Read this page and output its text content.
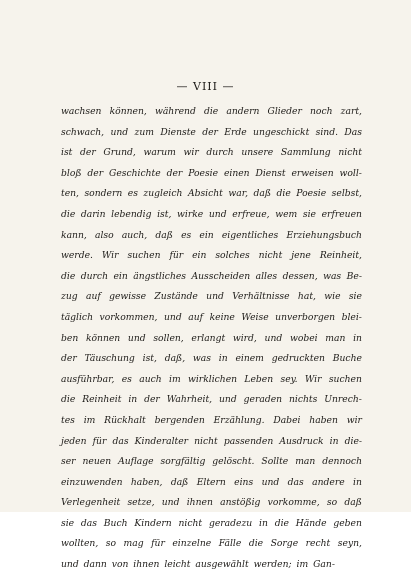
— VIII —
wachsen können, während die andern Glieder noch zart,
schwach, und zum Dienste der Erde ungeschickt sind. Das
ist der Grund, warum wir durch unsere Sammlung nicht
bloß der Geschichte der Poesie einen Dienst erweisen woll-
ten, sondern es zugleich Absicht war, daß die Poesie selbst,
die darin lebendig ist, wirke und erfreue, wem sie erfreuen
kann, also auch, daß es ein eigentliches Erziehungsbuch
werde. Wir suchen für ein solches nicht jene Reinheit,
die durch ein ängstliches Ausscheiden alles dessen, was Be-
zug auf gewisse Zustände und Verhältnisse hat, wie sie
täglich vorkommen, und auf keine Weise unverborgen blei-
ben können und sollen, erlangt wird, und wobei man in
der Täuschung ist, daß, was in einem gedruckten Buche
ausführbar, es auch im wirklichen Leben sey. Wir suchen
die Reinheit in der Wahrheit, und geraden nichts Unrech-
tes im Rückhalt bergenden Erzählung. Dabei haben wir
jeden für das Kinderalter nicht passenden Ausdruck in die-
ser neuen Auflage sorgfältig gelöscht. Sollte man dennoch
einzuwenden haben, daß Eltern eins und das andere in
Verlegenheit setze, und ihnen anstößig vorkomme, so daß
sie das Buch Kindern nicht geradezu in die Hände geben
wollten, so mag für einzelne Fälle die Sorge recht seyn,
und dann von ihnen leicht ausgewählt werden; im Gan-
